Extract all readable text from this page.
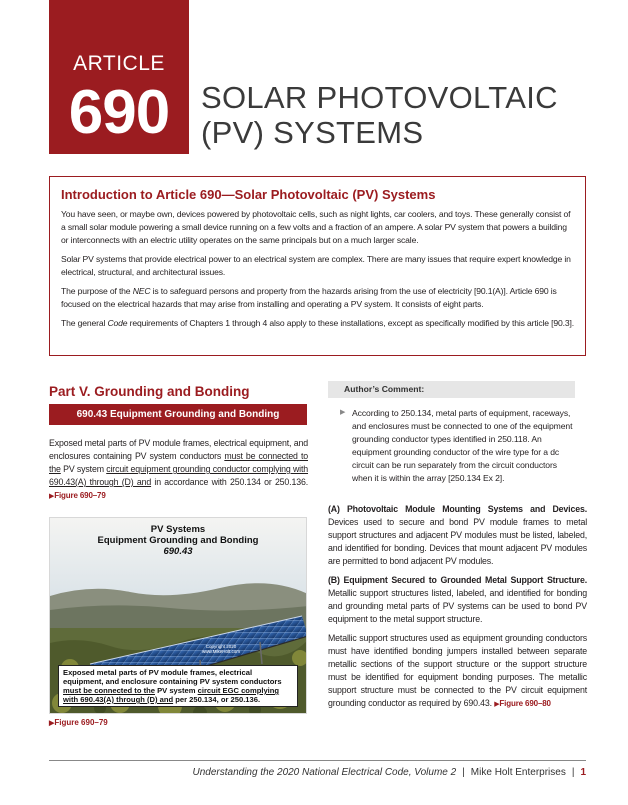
ARTICLE
690	SOLAR PHOTOVOLTAIC
(PV) SYSTEMS
Introduction to Article 690—Solar Photovoltaic (PV) Systems

You have seen, or maybe own, devices powered by photovoltaic cells, such as night lights, car coolers, and toys. These generally consist of a small solar module powering a small device running on a few volts and a fraction of an ampere. A solar PV system that powers a building or interconnects with an electric utility operates on the same principals but on a much larger scale.

Solar PV systems that provide electrical power to an electrical system are complex. There are many issues that require expert knowledge in electrical, structural, and architectural issues.

The purpose of the NEC is to safeguard persons and property from the hazards arising from the use of electricity [90.1(A)]. Article 690 is focused on the electrical hazards that may arise from installing and operating a PV system. It consists of eight parts.

The general Code requirements of Chapters 1 through 4 also apply to these installations, except as specifically modified by this article [90.3].

Part V. Grounding and Bonding
690.43 Equipment Grounding and Bonding
Exposed metal parts of PV module frames, electrical equipment, and enclosures containing PV system conductors must be connected to the PV system circuit equipment grounding conductor complying with 690.43(A) through (D) and in accordance with 250.134 or 250.136. ▶Figure 690–79
PV Systems
Equipment Grounding and Bonding
690.43
Exposed metal parts of PV module frames, electrical equipment, and enclosure containing PV system conductors must be connected to the PV system circuit EGC complying with 690.43(A) through (D) and per 250.134, or 250.136.
Copyright 2020
www.MikeHolt.com
▶Figure 690–79
Author’s Comment:
▶ According to 250.134, metal parts of equipment, raceways, and enclosures must be connected to one of the equipment grounding conductor types identified in 250.118. An equipment grounding conductor of the wire type for a dc circuit can be run separately from the circuit conductors when it is within the array [250.134 Ex 2].

(A) Photovoltaic Module Mounting Systems and Devices. Devices used to secure and bond PV module frames to metal support structures and adjacent PV modules must be listed, labeled, and identified for bonding. Devices that mount adjacent PV modules are permitted to bond adjacent PV modules.

(B) Equipment Secured to Grounded Metal Support Structure. Metallic support structures listed, labeled, and identified for bonding and grounding metal parts of PV systems can be used to bond PV equipment to the metal support structure.

Metallic support structures used as equipment grounding conductors must have identified bonding jumpers installed between separate metallic sections of the support structure or the support structure must be identified for equipment bonding purposes. The metallic support structure must be connected to the PV circuit equipment grounding conductor as required by 690.43. ▶Figure 690–80

Understanding the 2020 National Electrical Code, Volume 2 | Mike Holt Enterprises | 1
